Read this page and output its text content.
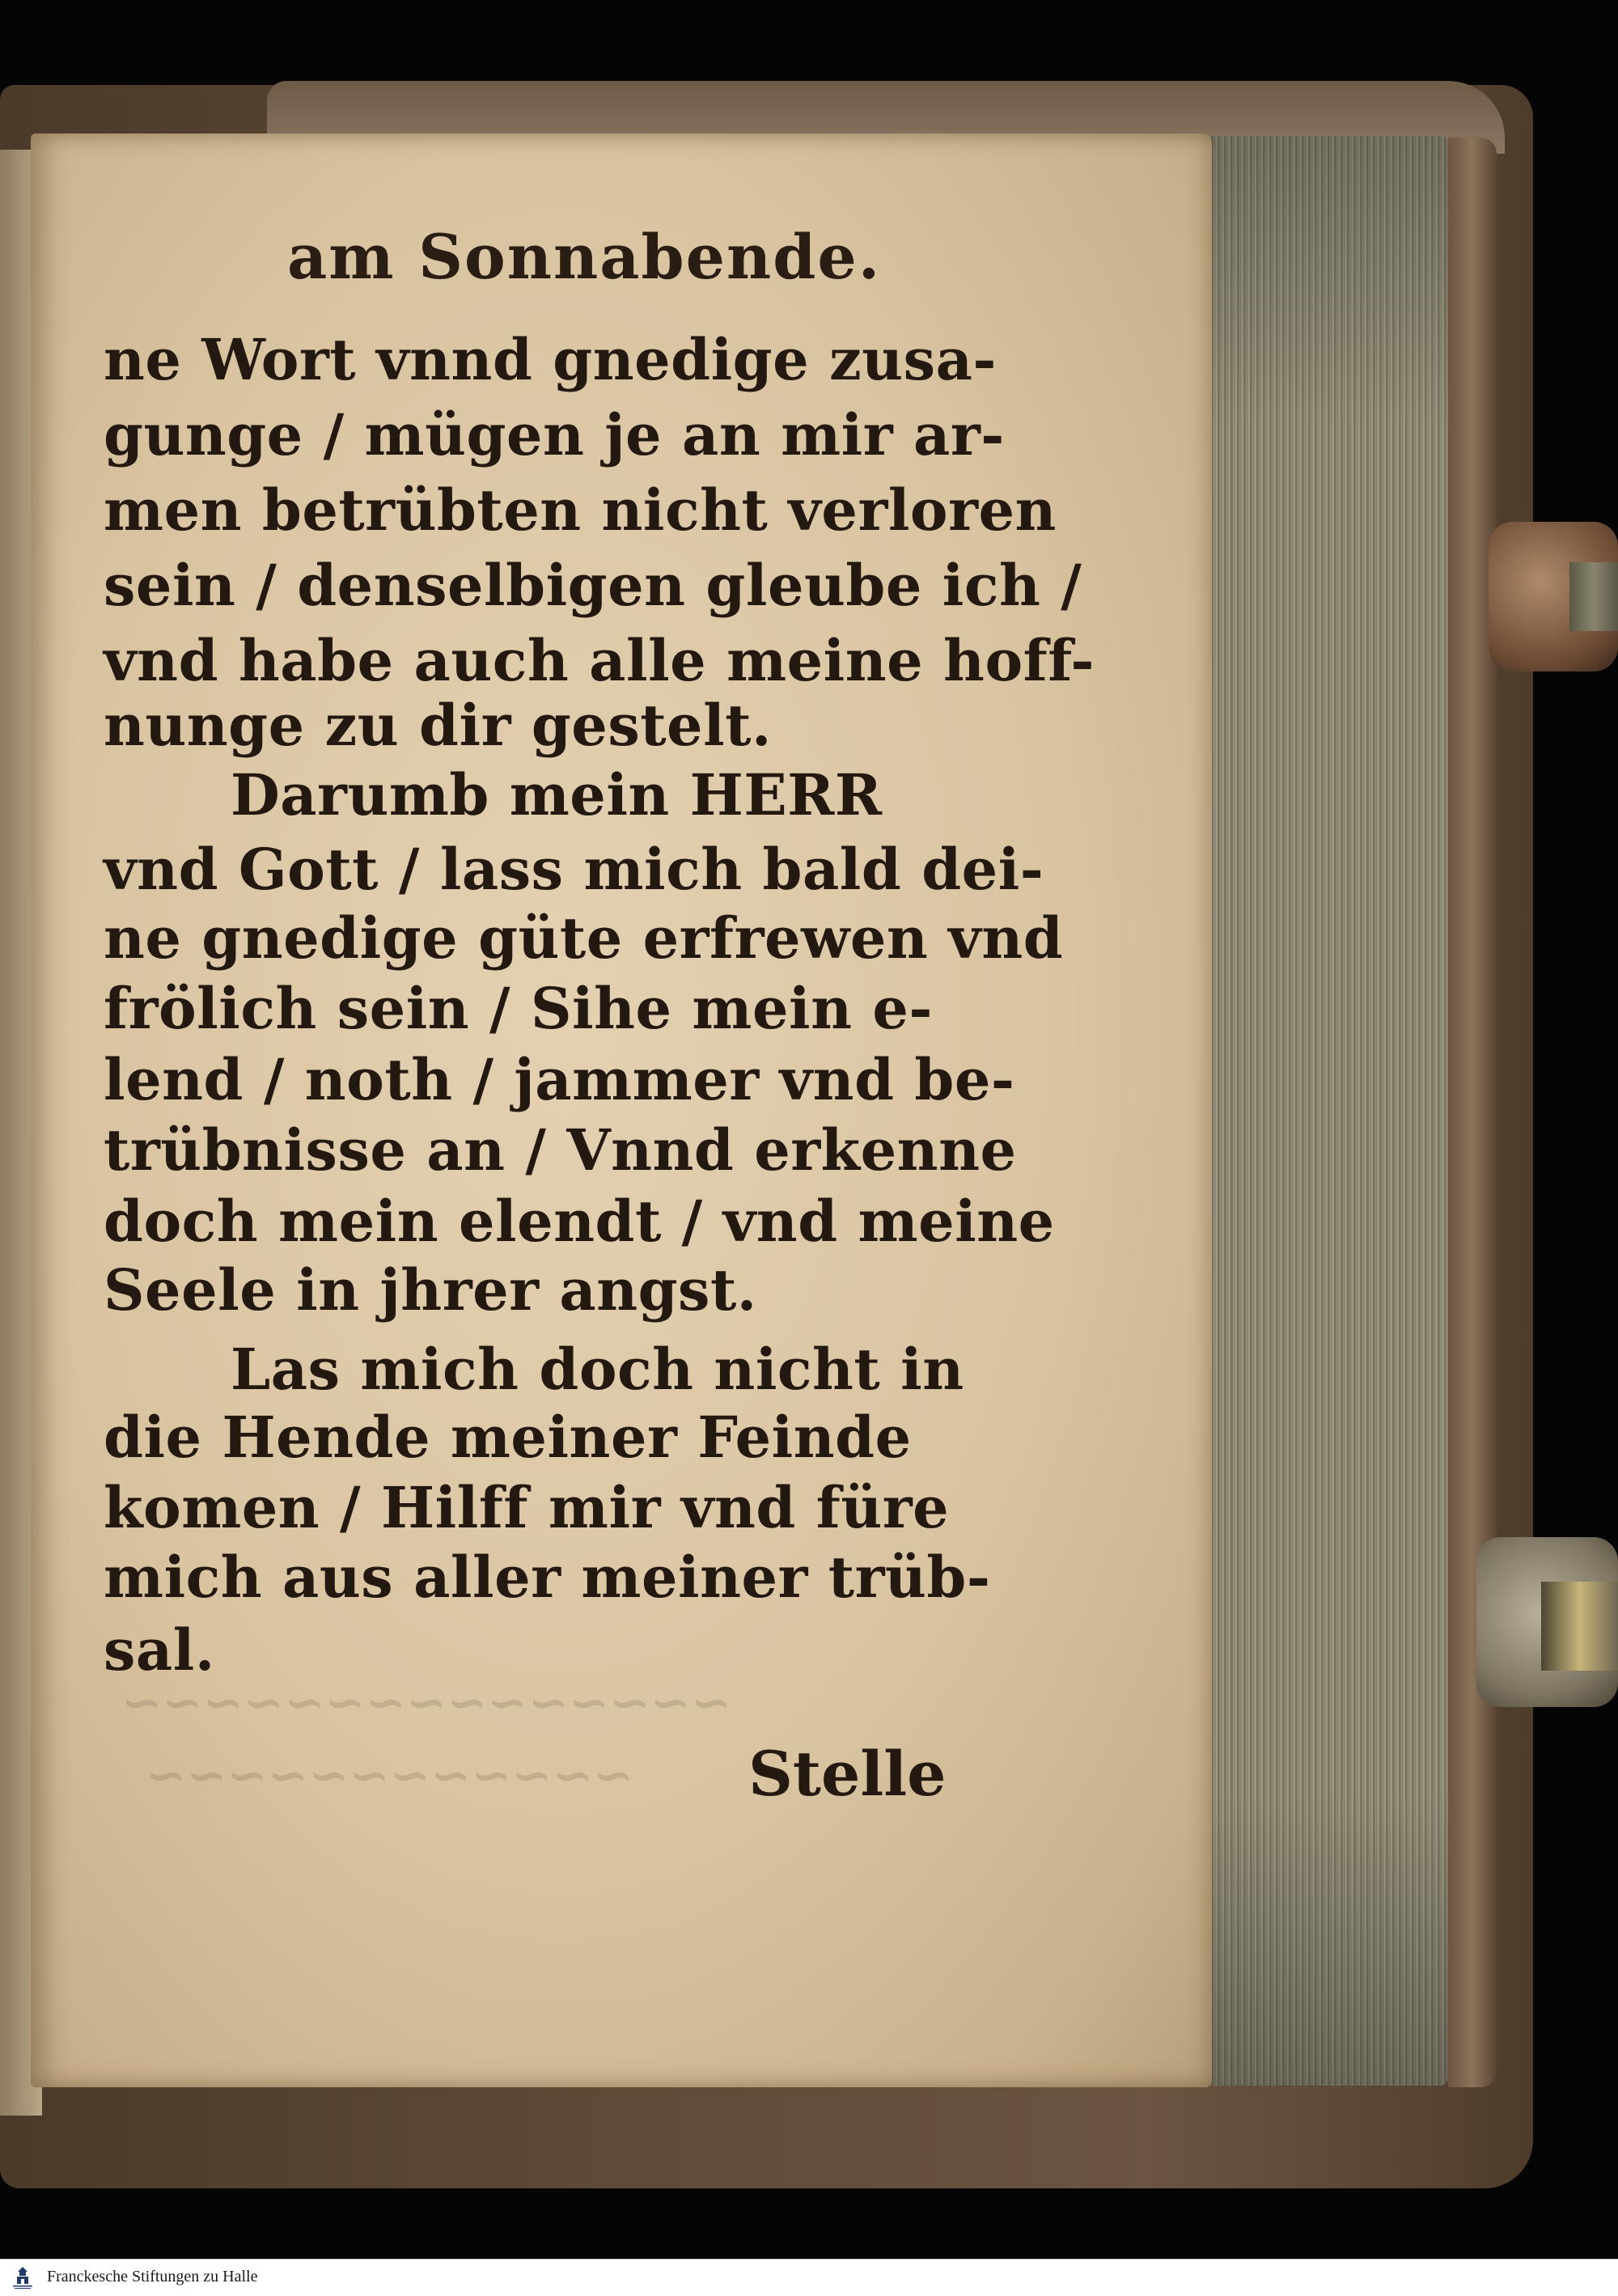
~~~~~~~~~~~~~~~
~~~~~~~~~~~~
am Sonnabende.
ne Wort vnnd gnedige zusa-
gunge / mügen je an mir ar-
men betrübten nicht verloren
sein / denselbigen gleube ich /
vnd habe auch alle meine hoff-
nunge zu dir gestelt.
Darumb mein HERR
vnd Gott / lass mich bald dei-
ne gnedige güte erfrewen vnd
frölich sein / Sihe mein e-
lend / noth / jammer vnd be-
trübnisse an / Vnnd erkenne
doch mein elendt / vnd meine
Seele in jhrer angst.
Las mich doch nicht in
die Hende meiner Feinde
komen / Hilff mir vnd füre
mich aus aller meiner trüb-
sal.
Stelle
Franckesche Stiftungen zu Halle
